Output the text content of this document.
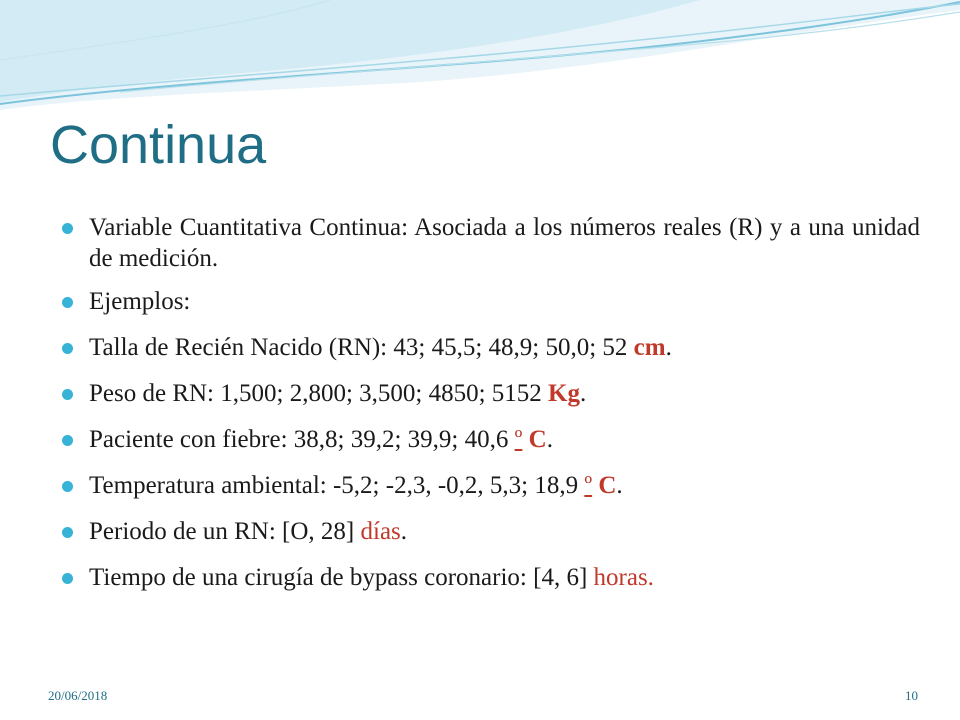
Continua
Variable Cuantitativa Continua: Asociada a los números reales (R) y a una unidad de medición.
Ejemplos:
Talla de Recién Nacido (RN): 43; 45,5; 48,9; 50,0; 52 cm.
Peso de RN: 1,500; 2,800; 3,500; 4850; 5152 Kg.
Paciente con fiebre: 38,8; 39,2; 39,9; 40,6 º C.
Temperatura ambiental: -5,2; -2,3, -0,2, 5,3; 18,9 º C.
Periodo de un RN: [O, 28] días.
Tiempo de una cirugía de bypass coronario: [4, 6] horas.
20/06/2018	10
